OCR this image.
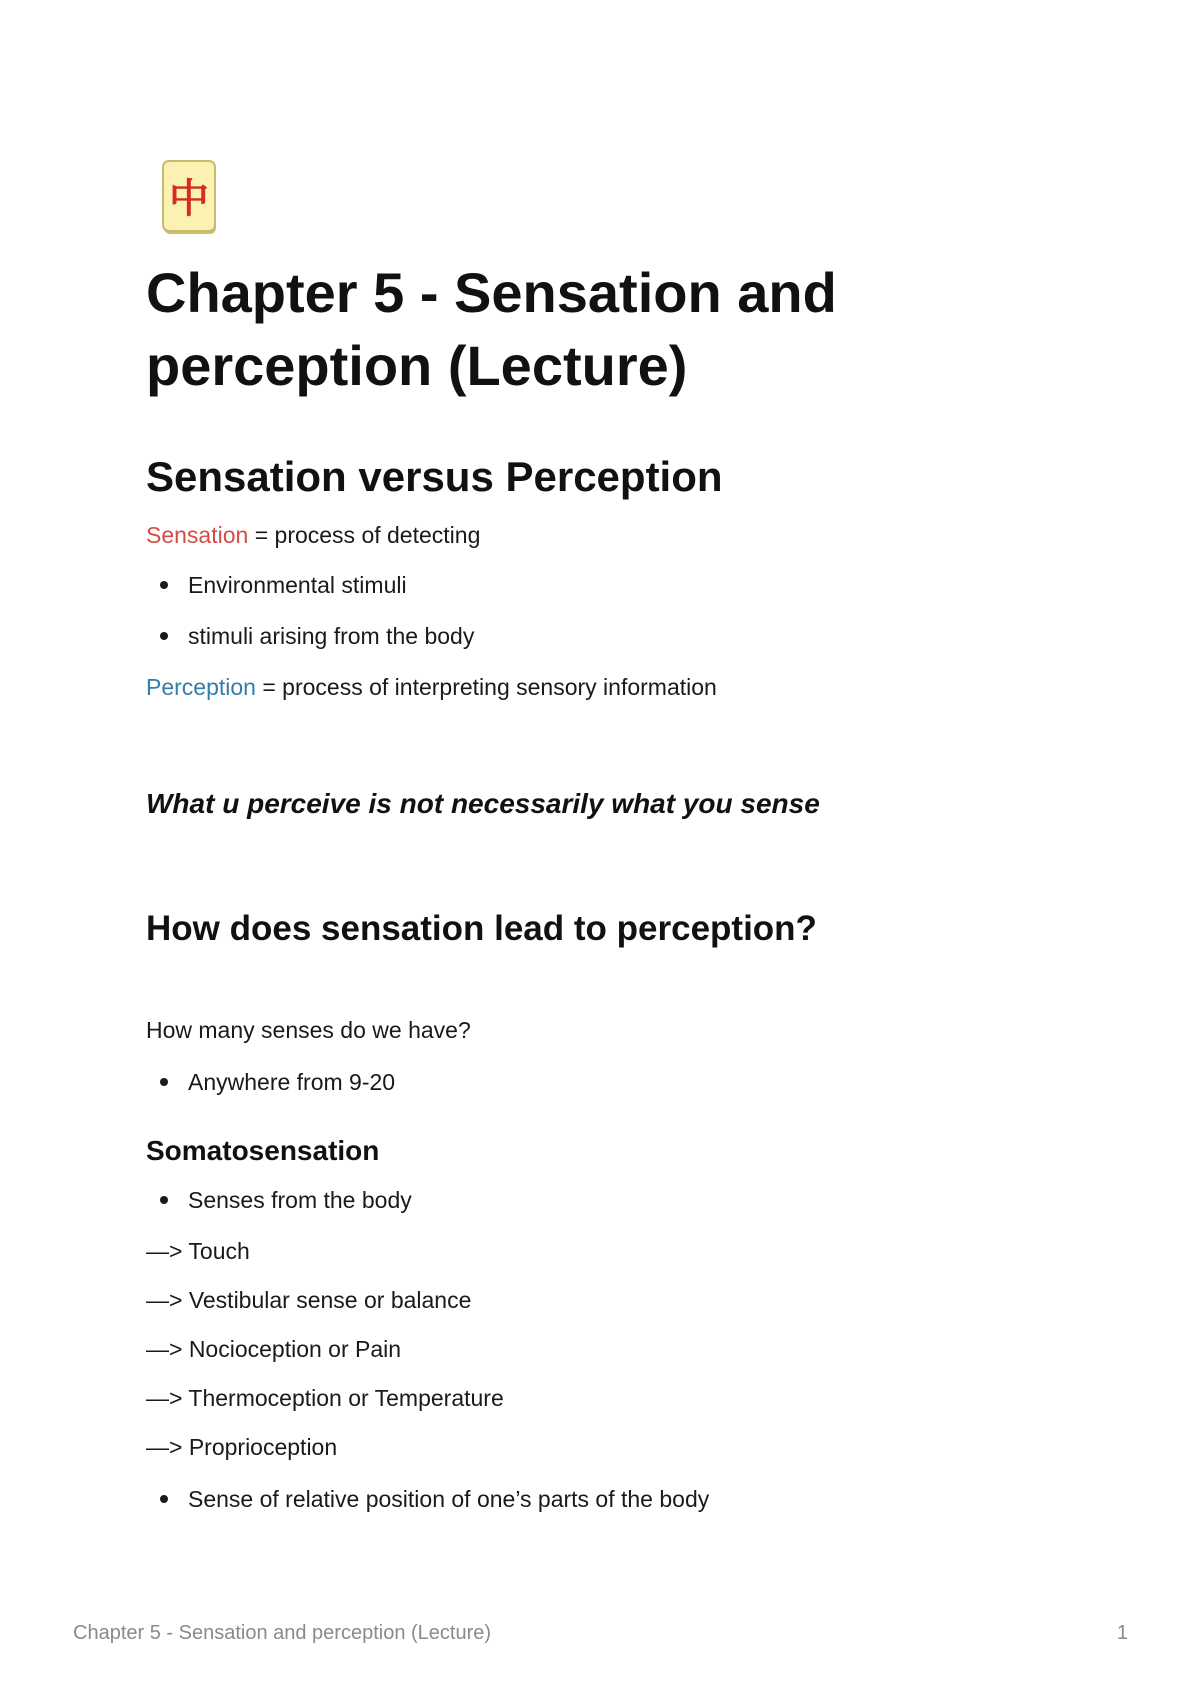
中
Chapter 5 - Sensation and
perception (Lecture)
Sensation versus Perception
Sensation = process of detecting
Environmental stimuli
stimuli arising from the body
Perception = process of interpreting sensory information
What u perceive is not necessarily what you sense
How does sensation lead to perception?
How many senses do we have?
Anywhere from 9-20
Somatosensation
Senses from the body
—> Touch
—> Vestibular sense or balance
—> Nocioception or Pain
—> Thermoception or Temperature
—> Proprioception
Sense of relative position of one’s parts of the body
Chapter 5 - Sensation and perception (Lecture)	1
